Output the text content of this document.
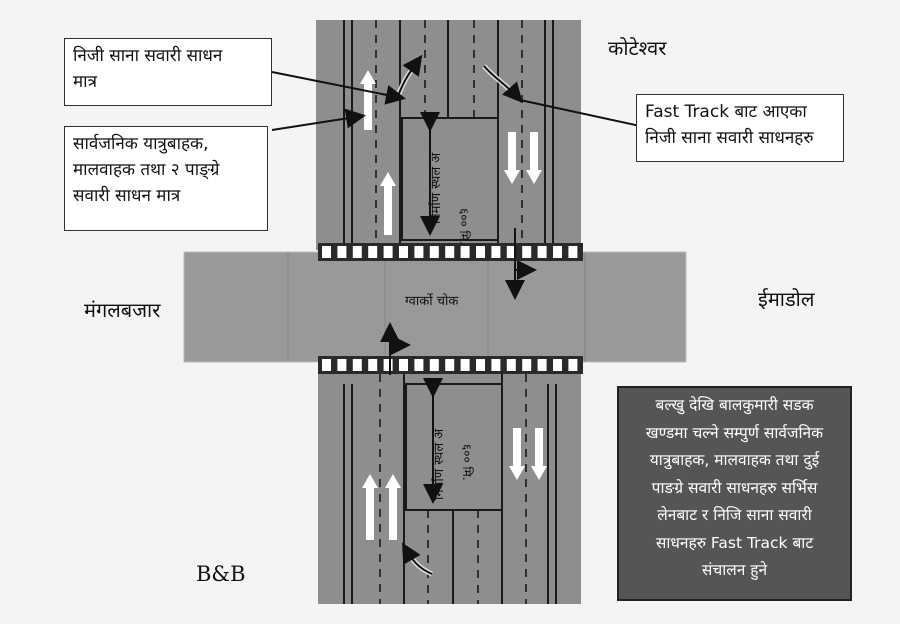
ग्वार्को चोक
निर्माण स्थल अ
६०० मि.
निर्माण स्थल अ ६०० मि.
कोटेश्वर
मंगलबजार	ईमाडोल
निजी साना सवारी साधन
मात्र
सार्वजनिक यात्रुबाहक,
मालवाहक तथा २ पाङ्ग्रे
सवारी साधन मात्र
Fast Track बाट आएका
निजी साना सवारी साधनहरु
बल्खु देखि बालकुमारी सडक
खण्डमा चल्ने सम्पुर्ण सार्वजनिक
यात्रुबाहक, मालवाहक तथा दुई
पाङग्रे सवारी साधनहरु सर्भिस
लेनबाट र निजि साना सवारी
साधनहरु Fast Track बाट
संचालन हुने
B&B
